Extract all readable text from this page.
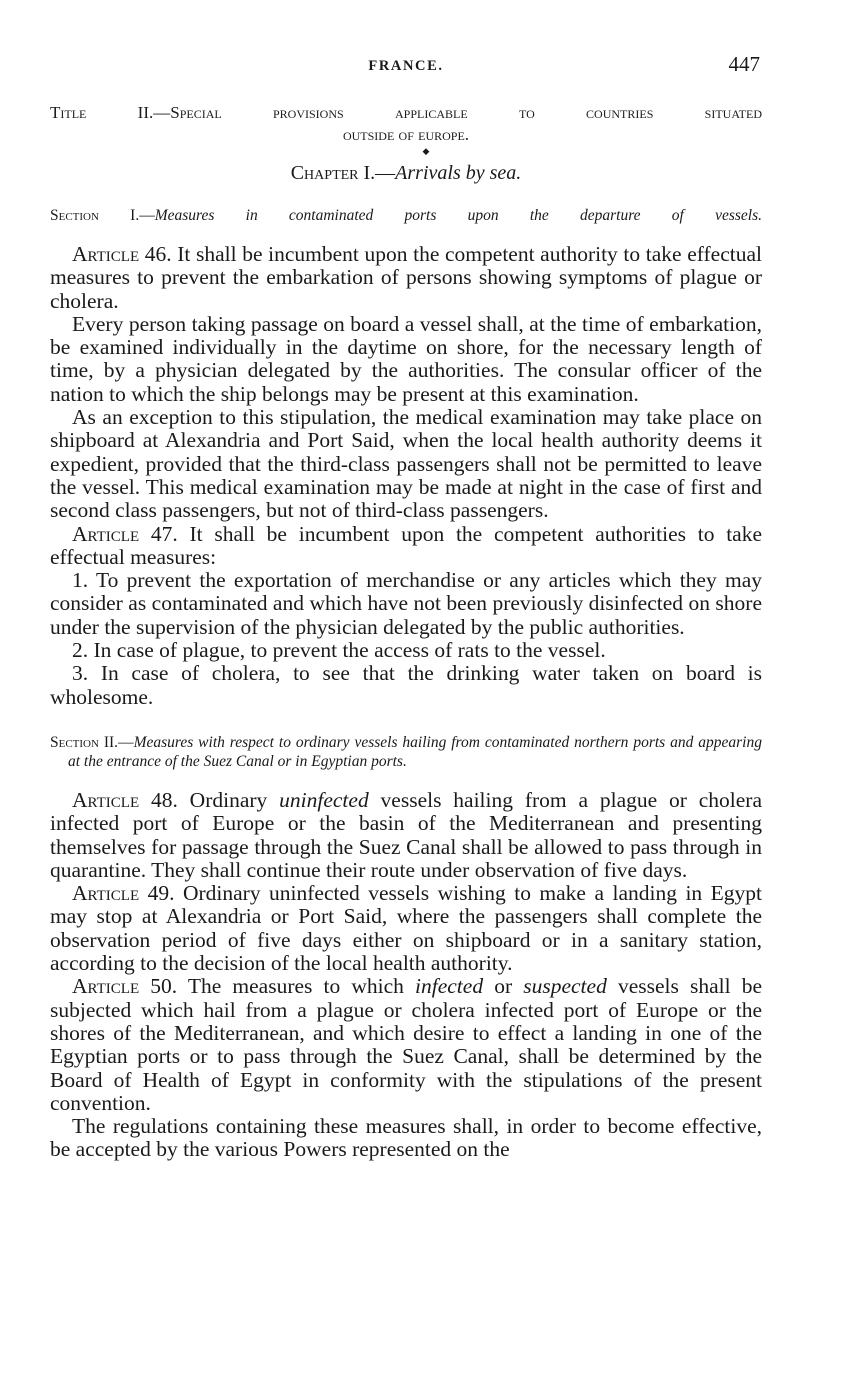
FRANCE.	447
Title II.—Special provisions applicable to countries situated
outside of europe.
◆
Chapter I.—Arrivals by sea.
Section I.—Measures in contaminated ports upon the departure of vessels.

Article 46. It shall be incumbent upon the competent authority to take effectual measures to prevent the embarkation of persons showing symptoms of plague or cholera.

Every person taking passage on board a vessel shall, at the time of embarkation, be examined individually in the daytime on shore, for the necessary length of time, by a physician delegated by the authorities. The consular officer of the nation to which the ship belongs may be present at this examination.

As an exception to this stipulation, the medical examination may take place on shipboard at Alexandria and Port Said, when the local health authority deems it expedient, provided that the third-class passengers shall not be permitted to leave the vessel. This medical examination may be made at night in the case of first and second class passengers, but not of third-class passengers.

Article 47. It shall be incumbent upon the competent authorities to take effectual measures:

1. To prevent the exportation of merchandise or any articles which they may consider as contaminated and which have not been previously disinfected on shore under the supervision of the physician delegated by the public authorities.

2. In case of plague, to prevent the access of rats to the vessel.

3. In case of cholera, to see that the drinking water taken on board is wholesome.

Section II.—Measures with respect to ordinary vessels hailing from contaminated northern ports and appearing at the entrance of the Suez Canal or in Egyptian ports.

Article 48. Ordinary uninfected vessels hailing from a plague or cholera infected port of Europe or the basin of the Mediterranean and presenting themselves for passage through the Suez Canal shall be allowed to pass through in quarantine. They shall continue their route under observation of five days.

Article 49. Ordinary uninfected vessels wishing to make a landing in Egypt may stop at Alexandria or Port Said, where the passengers shall complete the observation period of five days either on shipboard or in a sanitary station, according to the decision of the local health authority.

Article 50. The measures to which infected or suspected vessels shall be subjected which hail from a plague or cholera infected port of Europe or the shores of the Mediterranean, and which desire to effect a landing in one of the Egyptian ports or to pass through the Suez Canal, shall be determined by the Board of Health of Egypt in conformity with the stipulations of the present convention.

The regulations containing these measures shall, in order to become effective, be accepted by the various Powers represented on the
